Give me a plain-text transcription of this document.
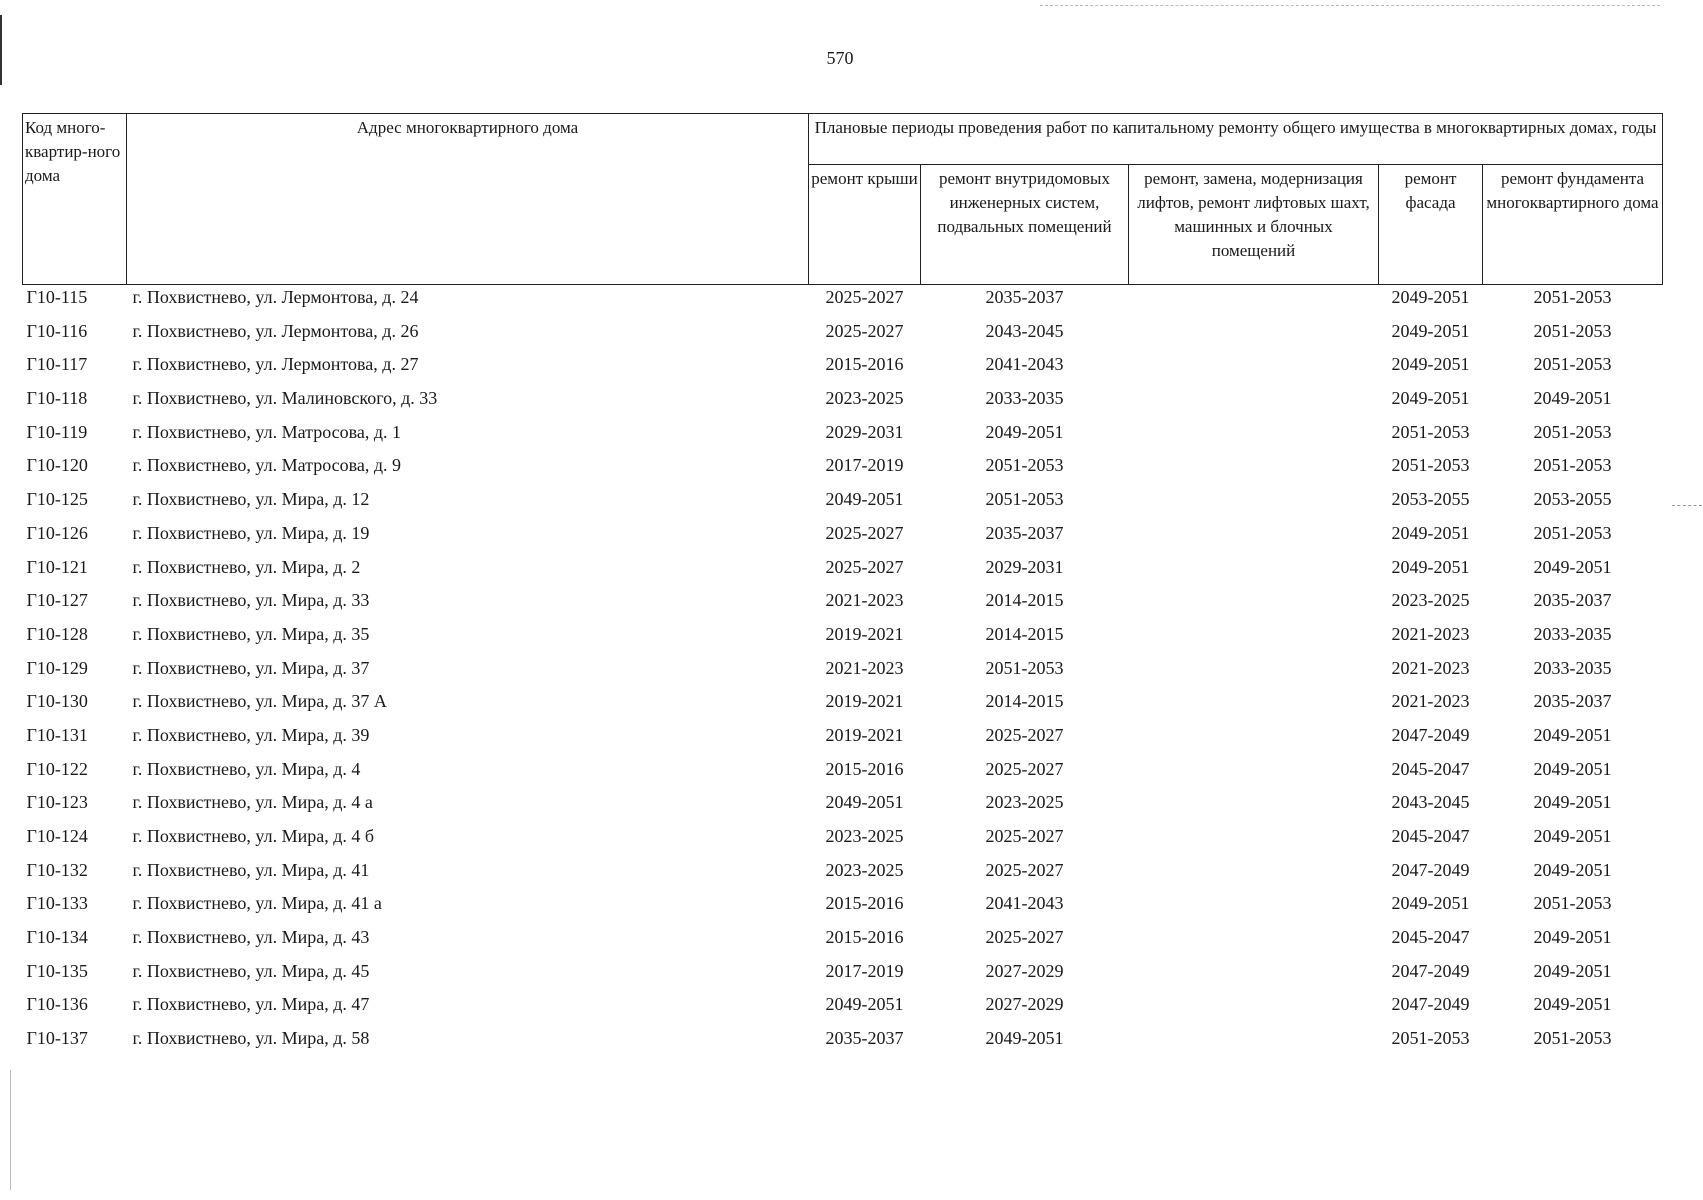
570
Код много-квартир-ного дома	Адрес многоквартирного дома	Плановые периоды проведения работ по капитальному ремонту общего имущества в многоквартирных домах, годы				
		ремонт крыши	ремонт внутридомовых инженерных систем, подвальных помещений	ремонт, замена, модернизация лифтов, ремонт лифтовых шахт, машинных и блочных помещений	ремонт фасада	ремонт фундамента многоквартирного дома
Г10-115	г. Похвистнево, ул. Лермонтова, д. 24	2025-2027	2035-2037		2049-2051	2051-2053
Г10-116	г. Похвистнево, ул. Лермонтова, д. 26	2025-2027	2043-2045		2049-2051	2051-2053
Г10-117	г. Похвистнево, ул. Лермонтова, д. 27	2015-2016	2041-2043		2049-2051	2051-2053
Г10-118	г. Похвистнево, ул. Малиновского, д. 33	2023-2025	2033-2035		2049-2051	2049-2051
Г10-119	г. Похвистнево, ул. Матросова, д. 1	2029-2031	2049-2051		2051-2053	2051-2053
Г10-120	г. Похвистнево, ул. Матросова, д. 9	2017-2019	2051-2053		2051-2053	2051-2053
Г10-125	г. Похвистнево, ул. Мира, д. 12	2049-2051	2051-2053		2053-2055	2053-2055
Г10-126	г. Похвистнево, ул. Мира, д. 19	2025-2027	2035-2037		2049-2051	2051-2053
Г10-121	г. Похвистнево, ул. Мира, д. 2	2025-2027	2029-2031		2049-2051	2049-2051
Г10-127	г. Похвистнево, ул. Мира, д. 33	2021-2023	2014-2015		2023-2025	2035-2037
Г10-128	г. Похвистнево, ул. Мира, д. 35	2019-2021	2014-2015		2021-2023	2033-2035
Г10-129	г. Похвистнево, ул. Мира, д. 37	2021-2023	2051-2053		2021-2023	2033-2035
Г10-130	г. Похвистнево, ул. Мира, д. 37 А	2019-2021	2014-2015		2021-2023	2035-2037
Г10-131	г. Похвистнево, ул. Мира, д. 39	2019-2021	2025-2027		2047-2049	2049-2051
Г10-122	г. Похвистнево, ул. Мира, д. 4	2015-2016	2025-2027		2045-2047	2049-2051
Г10-123	г. Похвистнево, ул. Мира, д. 4 а	2049-2051	2023-2025		2043-2045	2049-2051
Г10-124	г. Похвистнево, ул. Мира, д. 4 б	2023-2025	2025-2027		2045-2047	2049-2051
Г10-132	г. Похвистнево, ул. Мира, д. 41	2023-2025	2025-2027		2047-2049	2049-2051
Г10-133	г. Похвистнево, ул. Мира, д. 41 а	2015-2016	2041-2043		2049-2051	2051-2053
Г10-134	г. Похвистнево, ул. Мира, д. 43	2015-2016	2025-2027		2045-2047	2049-2051
Г10-135	г. Похвистнево, ул. Мира, д. 45	2017-2019	2027-2029		2047-2049	2049-2051
Г10-136	г. Похвистнево, ул. Мира, д. 47	2049-2051	2027-2029		2047-2049	2049-2051
Г10-137	г. Похвистнево, ул. Мира, д. 58	2035-2037	2049-2051		2051-2053	2051-2053
